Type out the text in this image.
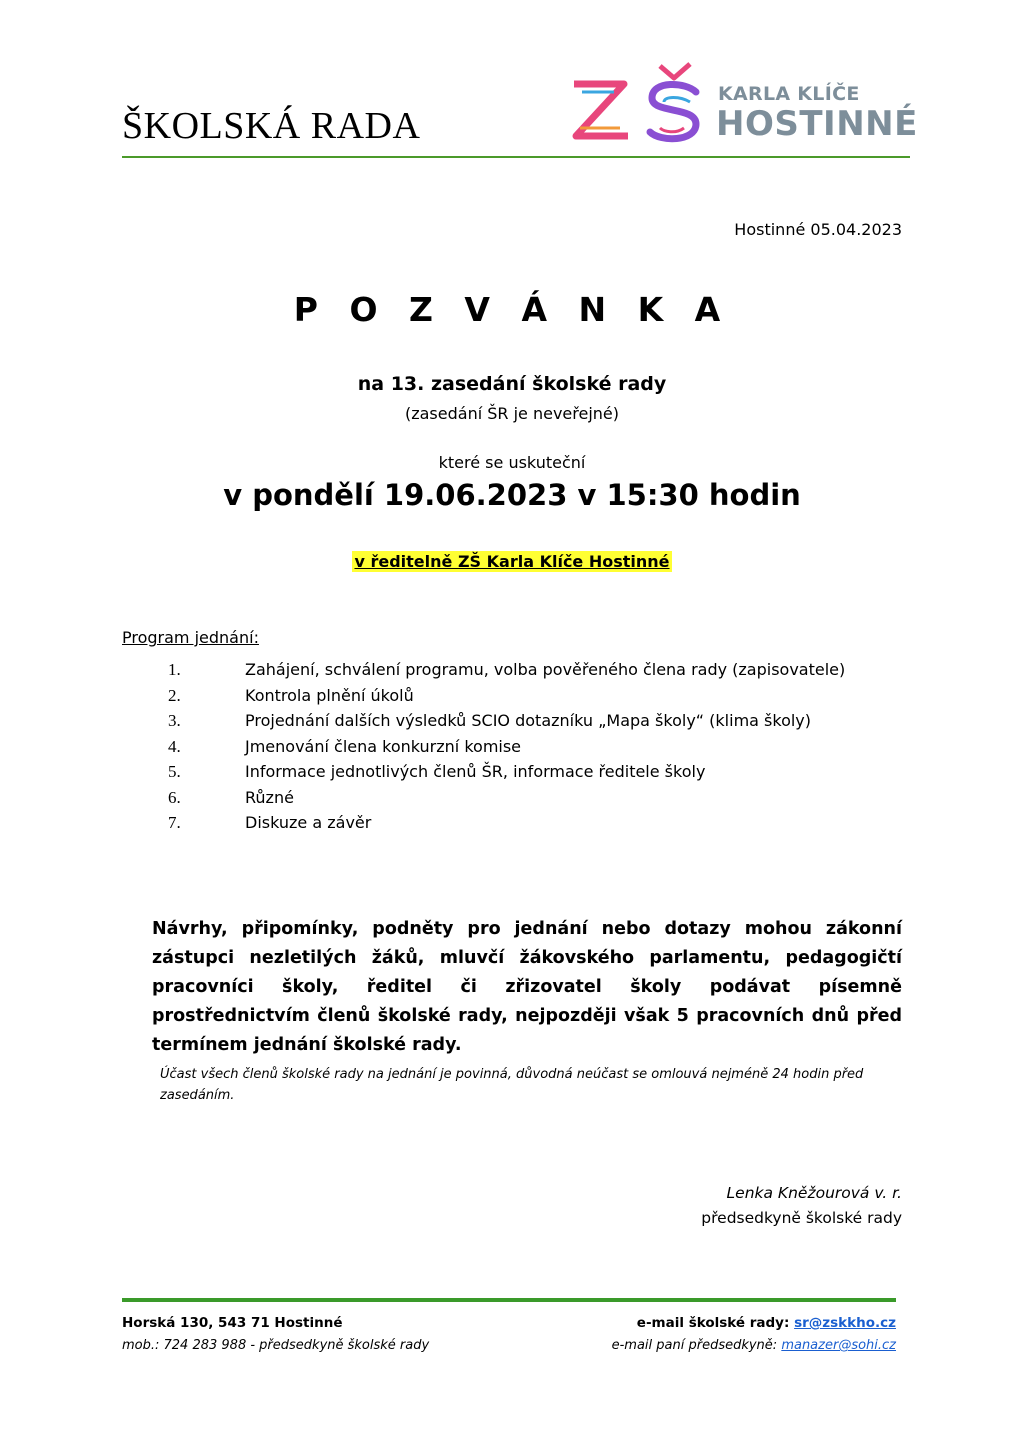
ŠKOLSKÁ RADA
KARLA KLÍČE
HOSTINNÉ
Hostinné 05.04.2023
P O Z V Á N K A
na 13. zasedání školské rady
(zasedání ŠR je neveřejné)
které se uskuteční
v pondělí 19.06.2023 v 15:30 hodin
v ředitelně ZŠ Karla Klíče Hostinné
Program jednání:
1.	Zahájení, schválení programu, volba pověřeného člena rady (zapisovatele)
2.	Kontrola plnění úkolů
3.	Projednání dalších výsledků SCIO dotazníku „Mapa školy“ (klima školy)
4.	Jmenování člena konkurzní komise
5.	Informace jednotlivých členů ŠR, informace ředitele školy
6.	Různé
7.	Diskuze a závěr
Návrhy, připomínky, podněty pro jednání nebo dotazy mohou zákonní zástupci nezletilých žáků, mluvčí žákovského parlamentu, pedagogičtí pracovníci školy, ředitel či zřizovatel školy podávat písemně prostřednictvím členů školské rady, nejpozději však 5 pracovních dnů před termínem jednání školské rady.
Účast všech členů školské rady na jednání je povinná, důvodná neúčast se omlouvá nejméně 24 hodin před zasedáním.
Lenka Kněžourová v. r.
předsedkyně školské rady
Horská 130, 543 71 Hostinné
mob.: 724 283 988 - předsedkyně školské rady
e-mail školské rady: sr@zskkho.cz
e-mail paní předsedkyně: manazer@sohi.cz
